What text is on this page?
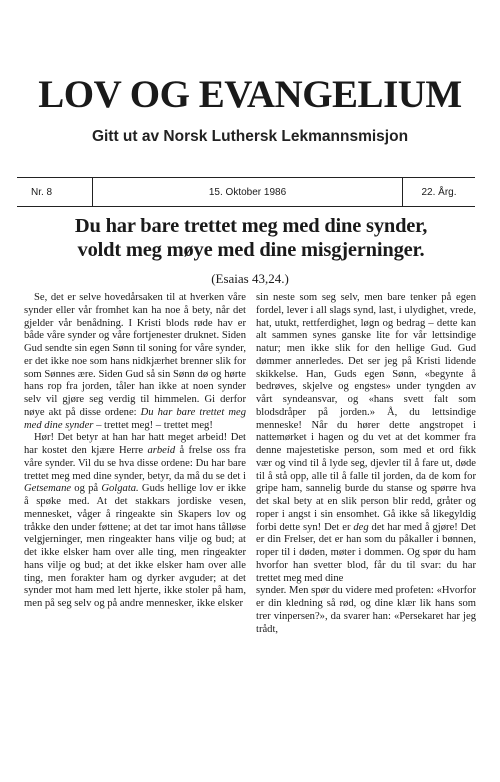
LOV OG EVANGELIUM
Gitt ut av Norsk Luthersk Lekmannsmisjon
Nr. 8	15. Oktober 1986	22. Årg.
Du har bare trettet meg med dine synder,
voldt meg møye med dine misgjerninger.
(Esaias 43,24.)

Se, det er selve hovedårsaken til at hverken våre synder eller vår fromhet kan ha noe å bety, når det gjelder vår benådning. I Kristi blods røde hav er både våre synder og våre fortjenester druknet. Siden Gud sendte sin egen Sønn til soning for våre synder, er det ikke noe som hans nidkjærhet brenner slik for som Sønnes ære. Siden Gud så sin Sønn dø og hørte hans rop fra jorden, tåler han ikke at noen synder selv vil gjøre seg verdig til himmelen. Gi derfor nøye akt på disse ordene: Du har bare trettet meg med dine synder – trettet meg! – trettet meg!

Hør! Det betyr at han har hatt meget arbeid! Det har kostet den kjære Herre arbeid å frelse oss fra våre synder. Vil du se hva disse ordene: Du har bare trettet meg med dine synder, betyr, da må du se det i Getsemane og på Golgata. Guds hellige lov er ikke å spøke med. At det stakkars jordiske vesen, mennesket, våger å ringeakte sin Skapers lov og tråkke den under føttene; at det tar imot hans tålløse velgjerninger, men ringeakter hans vilje og bud; at det ikke elsker ham over alle ting, men ringeakter hans vilje og bud; at det ikke elsker ham over alle ting, men forakter ham og dyrker avguder; at det synder mot ham med lett hjerte, ikke stoler på ham, men på seg selv og på andre mennesker, ikke elsker

sin neste som seg selv, men bare tenker på egen fordel, lever i all slags synd, last, i ulydighet, vrede, hat, utukt, rettferdighet, løgn og bedrag – dette kan alt sammen synes ganske lite for vår lettsindige natur; men ikke slik for den hellige Gud. Gud dømmer annerledes. Det ser jeg på Kristi lidende skikkelse. Han, Guds egen Sønn, «begynte å bedrøves, skjelve og engstes» under tyngden av vårt syndeansvar, og «hans svett falt som blodsdråper på jorden.» Å, du lettsindige menneske! Når du hører dette angstropet i nattemørket i hagen og du vet at det kommer fra denne majestetiske person, som med et ord fikk vær og vind til å lyde seg, djevler til å fare ut, døde til å stå opp, alle til å falle til jorden, da de kom for gripe ham, sannelig burde du stanse og spørre hva det skal bety at en slik person blir redd, gråter og roper i angst i sin ensomhet. Gå ikke så likegyldig forbi dette syn! Det er deg det har med å gjøre! Det er din Frelser, det er han som du påkaller i bønnen, roper til i døden, møter i dommen. Og spør du ham hvorfor han svetter blod, får du til svar: du har trettet meg med dine

synder. Men spør du videre med profeten: «Hvorfor er din kledning så rød, og dine klær lik hans som trer vinpersen?», da svarer han: «Persekaret har jeg trådt,
